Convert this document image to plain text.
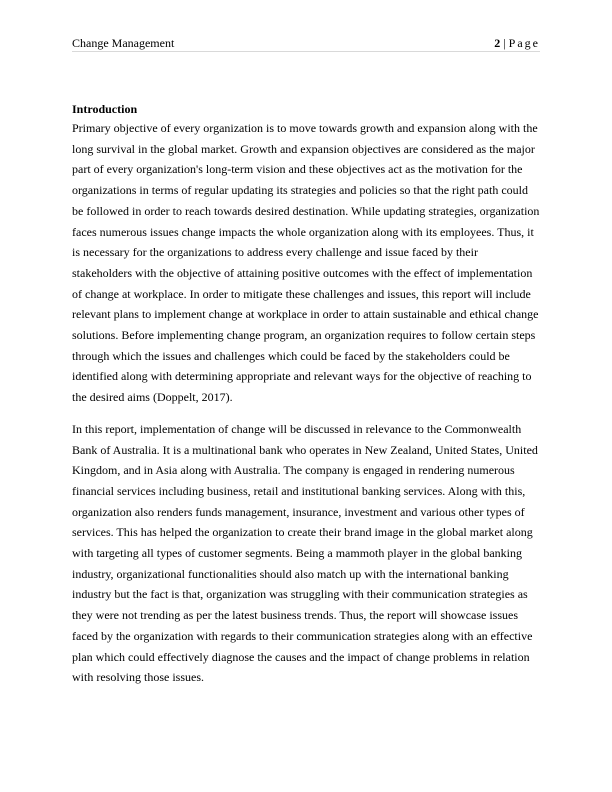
Change Management	2 | Page
Introduction

Primary objective of every organization is to move towards growth and expansion along with the
long survival in the global market. Growth and expansion objectives are considered as the major
part of every organization's long-term vision and these objectives act as the motivation for the
organizations in terms of regular updating its strategies and policies so that the right path could
be followed in order to reach towards desired destination. While updating strategies, organization
faces numerous issues change impacts the whole organization along with its employees. Thus, it
is necessary for the organizations to address every challenge and issue faced by their
stakeholders with the objective of attaining positive outcomes with the effect of implementation
of change at workplace. In order to mitigate these challenges and issues, this report will include
relevant plans to implement change at workplace in order to attain sustainable and ethical change
solutions. Before implementing change program, an organization requires to follow certain steps
through which the issues and challenges which could be faced by the stakeholders could be
identified along with determining appropriate and relevant ways for the objective of reaching to
the desired aims (Doppelt, 2017).

In this report, implementation of change will be discussed in relevance to the Commonwealth
Bank of Australia. It is a multinational bank who operates in New Zealand, United States, United
Kingdom, and in Asia along with Australia. The company is engaged in rendering numerous
financial services including business, retail and institutional banking services. Along with this,
organization also renders funds management, insurance, investment and various other types of
services. This has helped the organization to create their brand image in the global market along
with targeting all types of customer segments. Being a mammoth player in the global banking
industry, organizational functionalities should also match up with the international banking
industry but the fact is that, organization was struggling with their communication strategies as
they were not trending as per the latest business trends. Thus, the report will showcase issues
faced by the organization with regards to their communication strategies along with an effective
plan which could effectively diagnose the causes and the impact of change problems in relation
with resolving those issues.
